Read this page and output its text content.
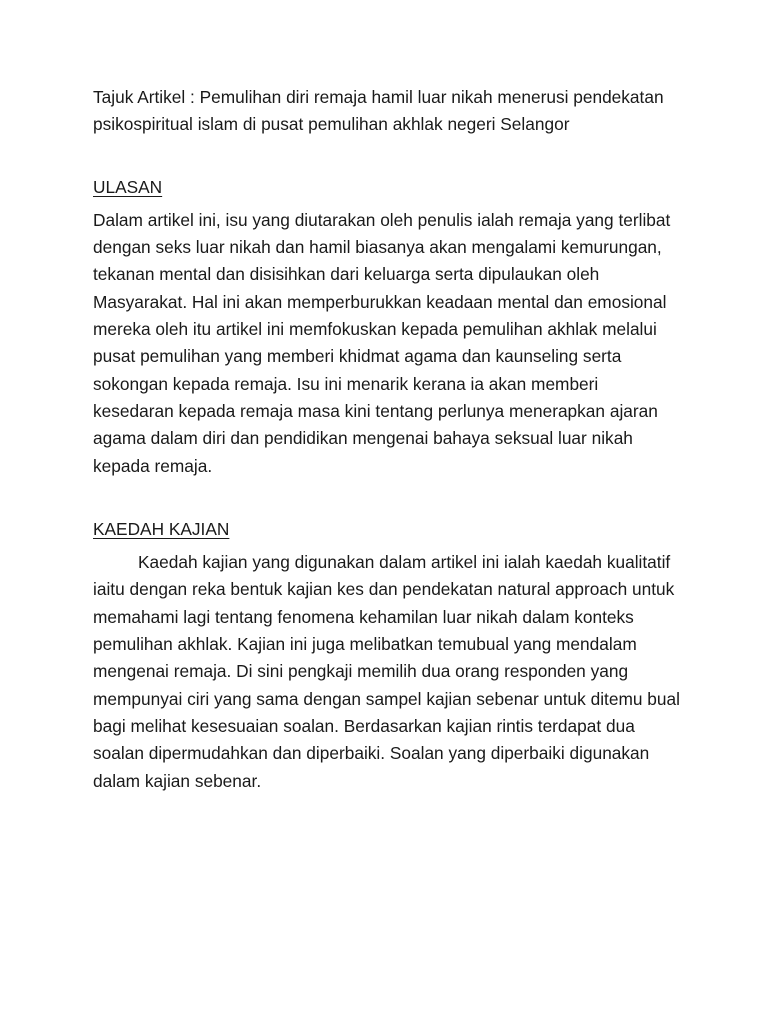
Tajuk Artikel : Pemulihan diri remaja hamil luar nikah menerusi pendekatan psikospiritual islam di pusat pemulihan akhlak negeri Selangor

ULASAN

Dalam artikel ini, isu yang diutarakan oleh penulis ialah remaja yang terlibat dengan seks luar nikah dan hamil biasanya akan mengalami kemurungan, tekanan mental dan disisihkan dari keluarga serta dipulaukan oleh Masyarakat. Hal ini akan memperburukkan keadaan mental dan emosional mereka oleh itu artikel ini memfokuskan kepada pemulihan akhlak melalui pusat pemulihan yang memberi khidmat agama dan kaunseling serta sokongan kepada remaja. Isu ini menarik kerana ia akan memberi kesedaran kepada remaja masa kini tentang perlunya menerapkan ajaran agama dalam diri dan pendidikan mengenai bahaya seksual luar nikah kepada remaja.

KAEDAH KAJIAN

Kaedah kajian yang digunakan dalam artikel ini ialah kaedah kualitatif iaitu dengan reka bentuk kajian kes dan pendekatan natural approach untuk memahami lagi tentang fenomena kehamilan luar nikah dalam konteks pemulihan akhlak. Kajian ini juga melibatkan temubual yang mendalam mengenai remaja. Di sini pengkaji memilih dua orang responden yang mempunyai ciri yang sama dengan sampel kajian sebenar untuk ditemu bual bagi melihat kesesuaian soalan. Berdasarkan kajian rintis terdapat dua soalan dipermudahkan dan diperbaiki. Soalan yang diperbaiki digunakan dalam kajian sebenar.
